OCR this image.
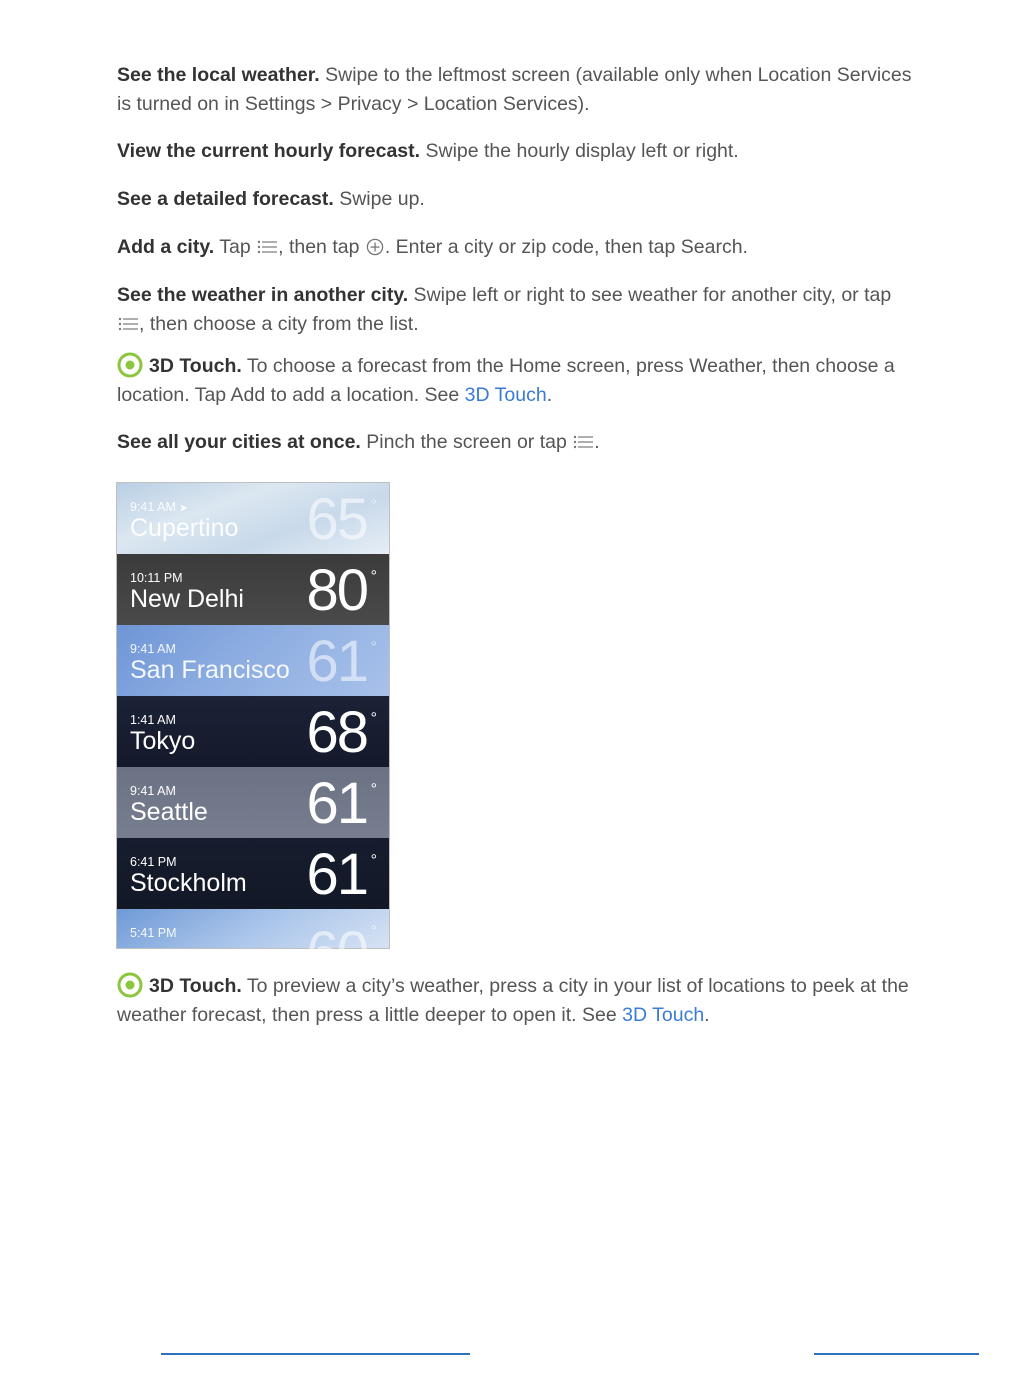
See the local weather. Swipe to the leftmost screen (available only when Location Services is turned on in Settings > Privacy > Location Services).

View the current hourly forecast. Swipe the hourly display left or right.

See a detailed forecast. Swipe up.

Add a city. Tap , then tap . Enter a city or zip code, then tap Search.

See the weather in another city. Swipe left or right to see weather for another city, or tap , then choose a city from the list.

3D Touch. To choose a forecast from the Home screen, press Weather, then choose a location. Tap Add to add a location. See 3D Touch.

See all your cities at once. Pinch the screen or tap .

9:41 AM ➤
Cupertino 65 °
10:11 PM
New Delhi 80 °
9:41 AM
San Francisco 61 °
1:41 AM
Tokyo 68 °
9:41 AM
Seattle 61 °
6:41 PM
Stockholm 61 °
5:41 PM 60 °

3D Touch. To preview a city’s weather, press a city in your list of locations to peek at the weather forecast, then press a little deeper to open it. See 3D Touch.
